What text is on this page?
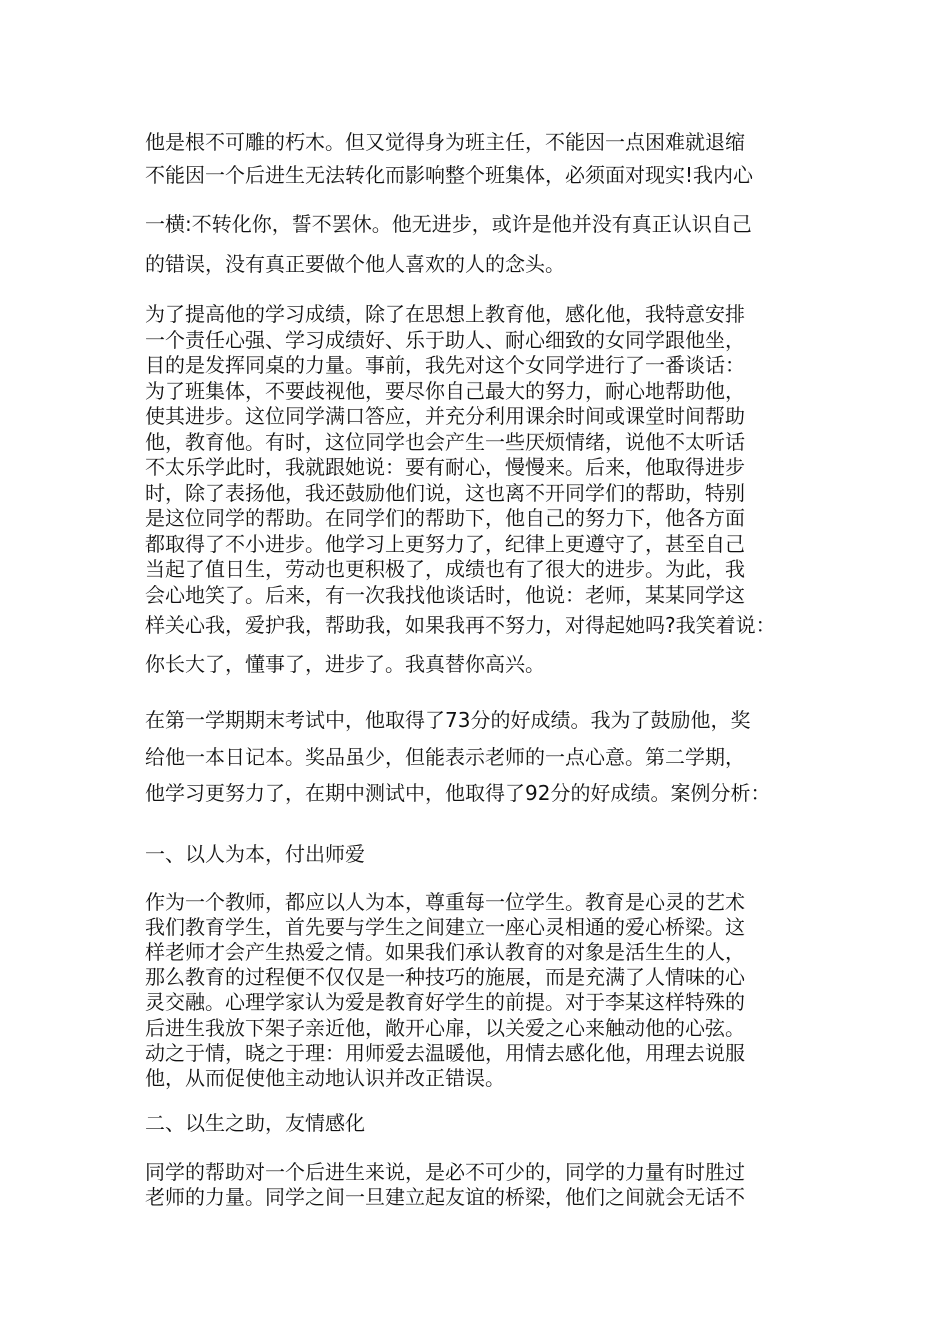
他是根不可雕的朽木。但又觉得身为班主任，不能因一点困难就退缩
不能因一个后进生无法转化而影响整个班集体，必须面对现实!我内心
一横:不转化你，誓不罢休。他无进步，或许是他并没有真正认识自己
的错误，没有真正要做个他人喜欢的人的念头。
为了提高他的学习成绩，除了在思想上教育他，感化他，我特意安排
一个责任心强、学习成绩好、乐于助人、耐心细致的女同学跟他坐，
目的是发挥同桌的力量。事前，我先对这个女同学进行了一番谈话：
为了班集体，不要歧视他，要尽你自己最大的努力，耐心地帮助他，
使其进步。这位同学满口答应，并充分利用课余时间或课堂时间帮助
他，教育他。有时，这位同学也会产生一些厌烦情绪，说他不太听话
不太乐学此时，我就跟她说：要有耐心，慢慢来。后来，他取得进步
时，除了表扬他，我还鼓励他们说，这也离不开同学们的帮助，特别
是这位同学的帮助。在同学们的帮助下，他自己的努力下，他各方面
都取得了不小进步。他学习上更努力了，纪律上更遵守了，甚至自己
当起了值日生，劳动也更积极了，成绩也有了很大的进步。为此，我
会心地笑了。后来，有一次我找他谈话时，他说：老师，某某同学这
样关心我，爱护我，帮助我，如果我再不努力，对得起她吗?我笑着说：
你长大了，懂事了，进步了。我真替你高兴。
在第一学期期末考试中，他取得了73分的好成绩。我为了鼓励他，奖
给他一本日记本。奖品虽少，但能表示老师的一点心意。第二学期，
他学习更努力了，在期中测试中，他取得了92分的好成绩。案例分析：
一、以人为本，付出师爱
作为一个教师，都应以人为本，尊重每一位学生。教育是心灵的艺术
我们教育学生，首先要与学生之间建立一座心灵相通的爱心桥梁。这
样老师才会产生热爱之情。如果我们承认教育的对象是活生生的人，
那么教育的过程便不仅仅是一种技巧的施展，而是充满了人情味的心
灵交融。心理学家认为爱是教育好学生的前提。对于李某这样特殊的
后进生我放下架子亲近他，敞开心扉，以关爱之心来触动他的心弦。
动之于情，晓之于理：用师爱去温暖他，用情去感化他，用理去说服
他，从而促使他主动地认识并改正错误。
二、以生之助，友情感化
同学的帮助对一个后进生来说，是必不可少的，同学的力量有时胜过
老师的力量。同学之间一旦建立起友谊的桥梁，他们之间就会无话不
